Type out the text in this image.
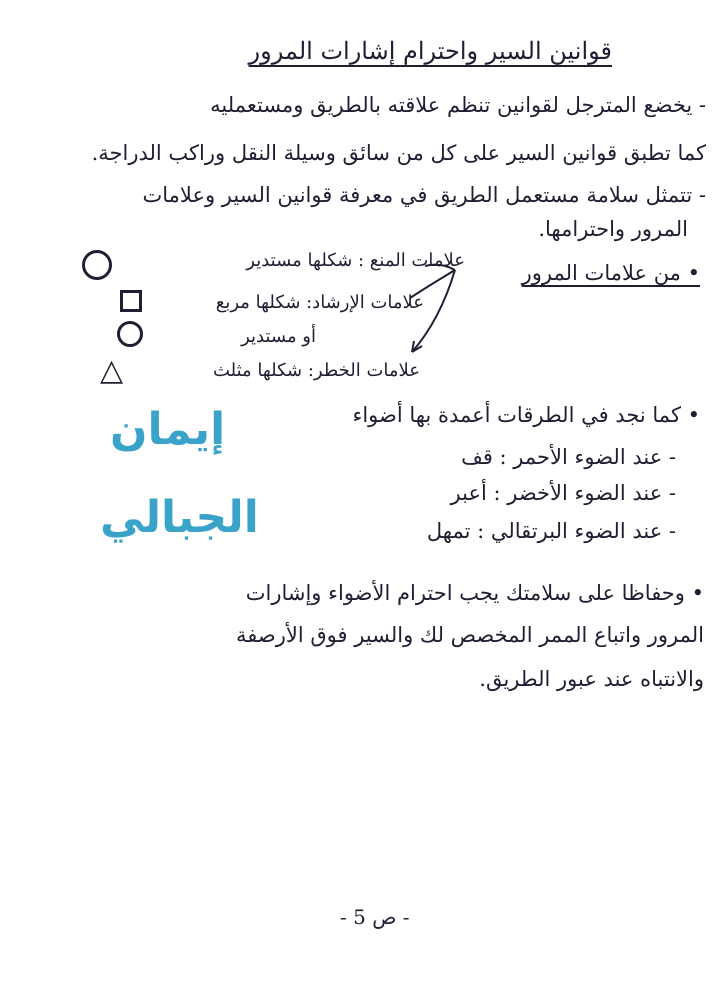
قوانين السير واحترام إشارات المرور
- يخضع المترجل لقوانين تنظم علاقته بالطريق ومستعمليه
كما تطبق قوانين السير على كل من سائق وسيلة النقل وراكب الدراجة.
- تتمثل سلامة مستعمل الطريق في معرفة قوانين السير وعلامات
المرور واحترامها.
• من علامات المرور
علامات المنع : شكلها مستدير
علامات الإرشاد: شكلها مربع
أو مستدير
علامات الخطر: شكلها مثلث
△
• كما نجد في الطرقات أعمدة بها أضواء
- عند الضوء الأحمر : قف
- عند الضوء الأخضر : أعبر
- عند الضوء البرتقالي : تمهل
إيمان
الجبالي
• وحفاظا على سلامتك يجب احترام الأضواء وإشارات
المرور واتباع الممر المخصص لك والسير فوق الأرصفة
والانتباه عند عبور الطريق.
- ص 5 -
